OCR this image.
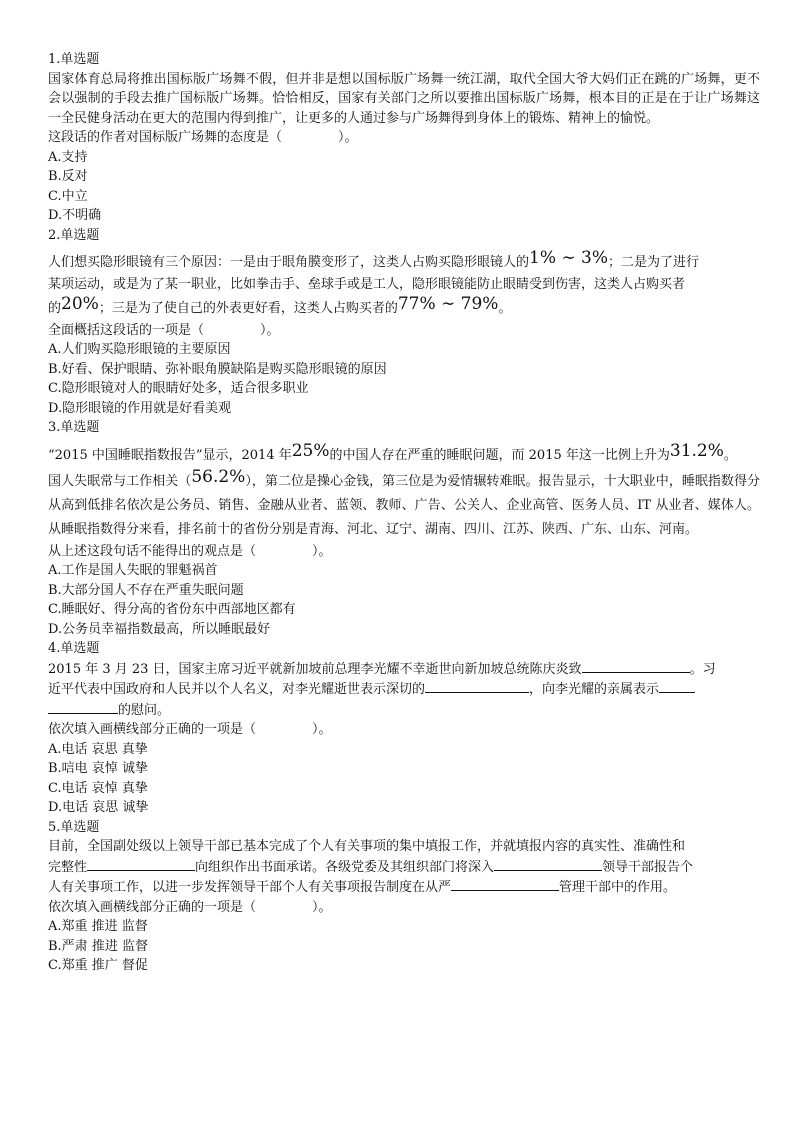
1.单选题
国家体育总局将推出国标版广场舞不假，但并非是想以国标版广场舞一统江湖，取代全国大爷大妈们正在跳的广场舞，更不会以强制的手段去推广国标版广场舞。恰恰相反，国家有关部门之所以要推出国标版广场舞，根本目的正是在于让广场舞这一全民健身活动在更大的范围内得到推广，让更多的人通过参与广场舞得到身体上的锻炼、精神上的愉悦。
这段话的作者对国标版广场舞的态度是（	）。
A.支持
B.反对
C.中立
D.不明确
2.单选题
人们想买隐形眼镜有三个原因：一是由于眼角膜变形了，这类人占购买隐形眼镜人的1% ∼ 3%；二是为了进行
某项运动，或是为了某一职业，比如拳击手、垒球手或是工人，隐形眼镜能防止眼睛受到伤害，这类人占购买者
的20%；三是为了使自己的外表更好看，这类人占购买者的77% ∼ 79%。
全面概括这段话的一项是（	）。
A.人们购买隐形眼镜的主要原因
B.好看、保护眼睛、弥补眼角膜缺陷是购买隐形眼镜的原因
C.隐形眼镜对人的眼睛好处多，适合很多职业
D.隐形眼镜的作用就是好看美观
3.单选题
“2015 中国睡眠指数报告”显示，2014 年25%的中国人存在严重的睡眠问题，而 2015 年这一比例上升为31.2%。
国人失眠常与工作相关（56.2%），第二位是操心金钱，第三位是为爱情辗转难眠。报告显示，十大职业中，睡眠指数得分从高到低排名依次是公务员、销售、金融从业者、蓝领、教师、广告、公关人、企业高管、医务人员、IT 从业者、媒体人。从睡眠指数得分来看，排名前十的省份分别是青海、河北、辽宁、湖南、四川、江苏、陕西、广东、山东、河南。
从上述这段句话不能得出的观点是（	）。
A.工作是国人失眠的罪魁祸首
B.大部分国人不存在严重失眠问题
C.睡眠好、得分高的省份东中西部地区都有
D.公务员幸福指数最高，所以睡眠最好
4.单选题
2015 年 3 月 23 日，国家主席习近平就新加坡前总理李光耀不幸逝世向新加坡总统陈庆炎致	。习
近平代表中国政府和人民并以个人名义，对李光耀逝世表示深切的	，向李光耀的亲属表示
的慰问。
依次填入画横线部分正确的一项是（	）。
A.电话 哀思 真挚
B.唁电 哀悼 诚挚
C.电话 哀悼 真挚
D.电话 哀思 诚挚
5.单选题
目前，全国副处级以上领导干部已基本完成了个人有关事项的集中填报工作，并就填报内容的真实性、准确性和
完整性	向组织作出书面承诺。各级党委及其组织部门将深入	领导干部报告个
人有关事项工作，以进一步发挥领导干部个人有关事项报告制度在从严	管理干部中的作用。
依次填入画横线部分正确的一项是（	）。
A.郑重 推进 监督
B.严肃 推进 监督
C.郑重 推广 督促
